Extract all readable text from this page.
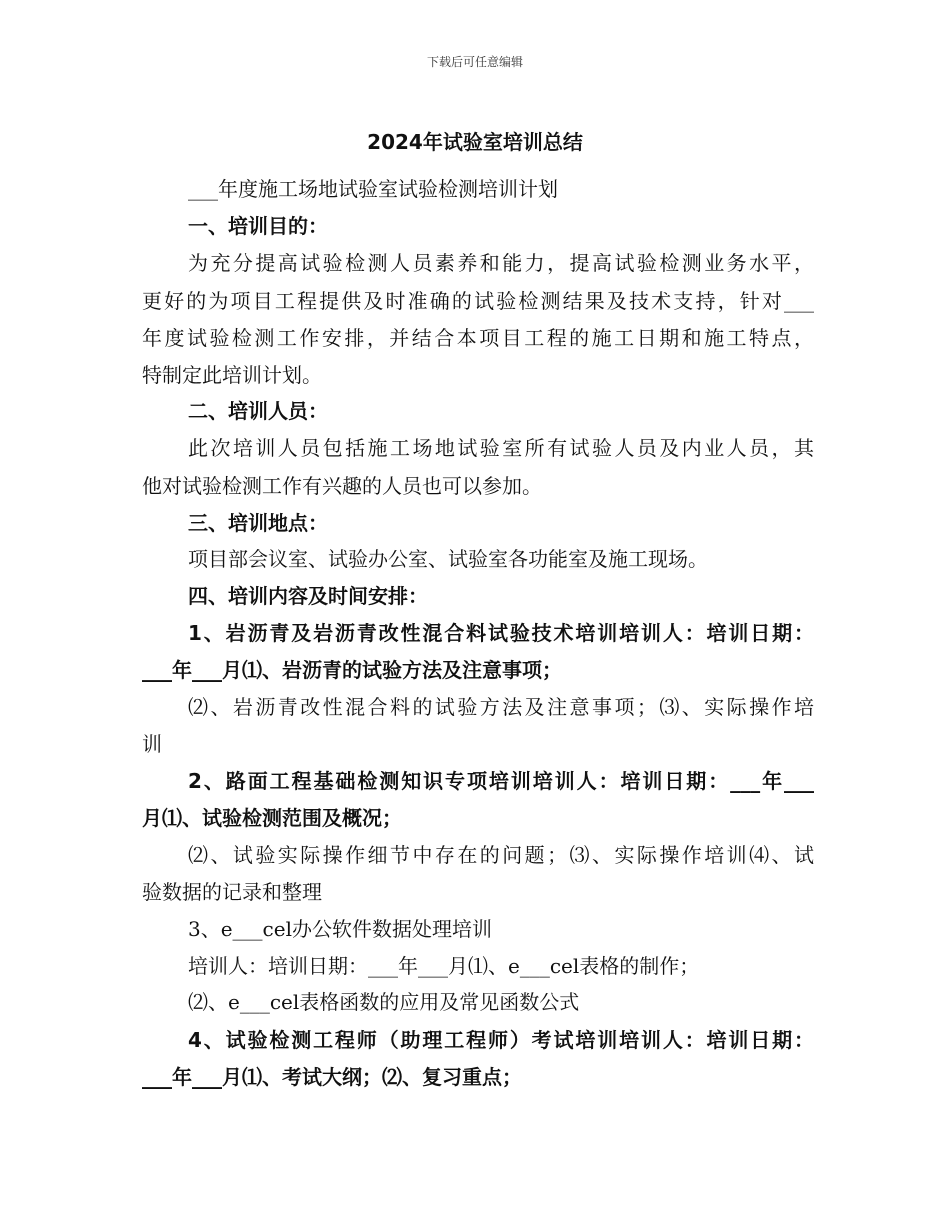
下载后可任意编辑
2024年试验室培训总结
___年度施工场地试验室试验检测培训计划
一、培训目的：
为充分提高试验检测人员素养和能力，提高试验检测业务水平，
更好的为项目工程提供及时准确的试验检测结果及技术支持，针对___
年度试验检测工作安排，并结合本项目工程的施工日期和施工特点，
特制定此培训计划。
二、培训人员：
此次培训人员包括施工场地试验室所有试验人员及内业人员，其
他对试验检测工作有兴趣的人员也可以参加。
三、培训地点：
项目部会议室、试验办公室、试验室各功能室及施工现场。
四、培训内容及时间安排：
1、岩沥青及岩沥青改性混合料试验技术培训培训人：培训日期：
___年___月⑴、岩沥青的试验方法及注意事项；
⑵、岩沥青改性混合料的试验方法及注意事项；⑶、实际操作培
训
2、路面工程基础检测知识专项培训培训人：培训日期：___年___
月⑴、试验检测范围及概况；
⑵、试验实际操作细节中存在的问题；⑶、实际操作培训⑷、试
验数据的记录和整理
3、e___cel办公软件数据处理培训
培训人：培训日期：___年___月⑴、e___cel表格的制作；
⑵、e___cel表格函数的应用及常见函数公式
4、试验检测工程师（助理工程师）考试培训培训人：培训日期：
___年___月⑴、考试大纲；⑵、复习重点；
